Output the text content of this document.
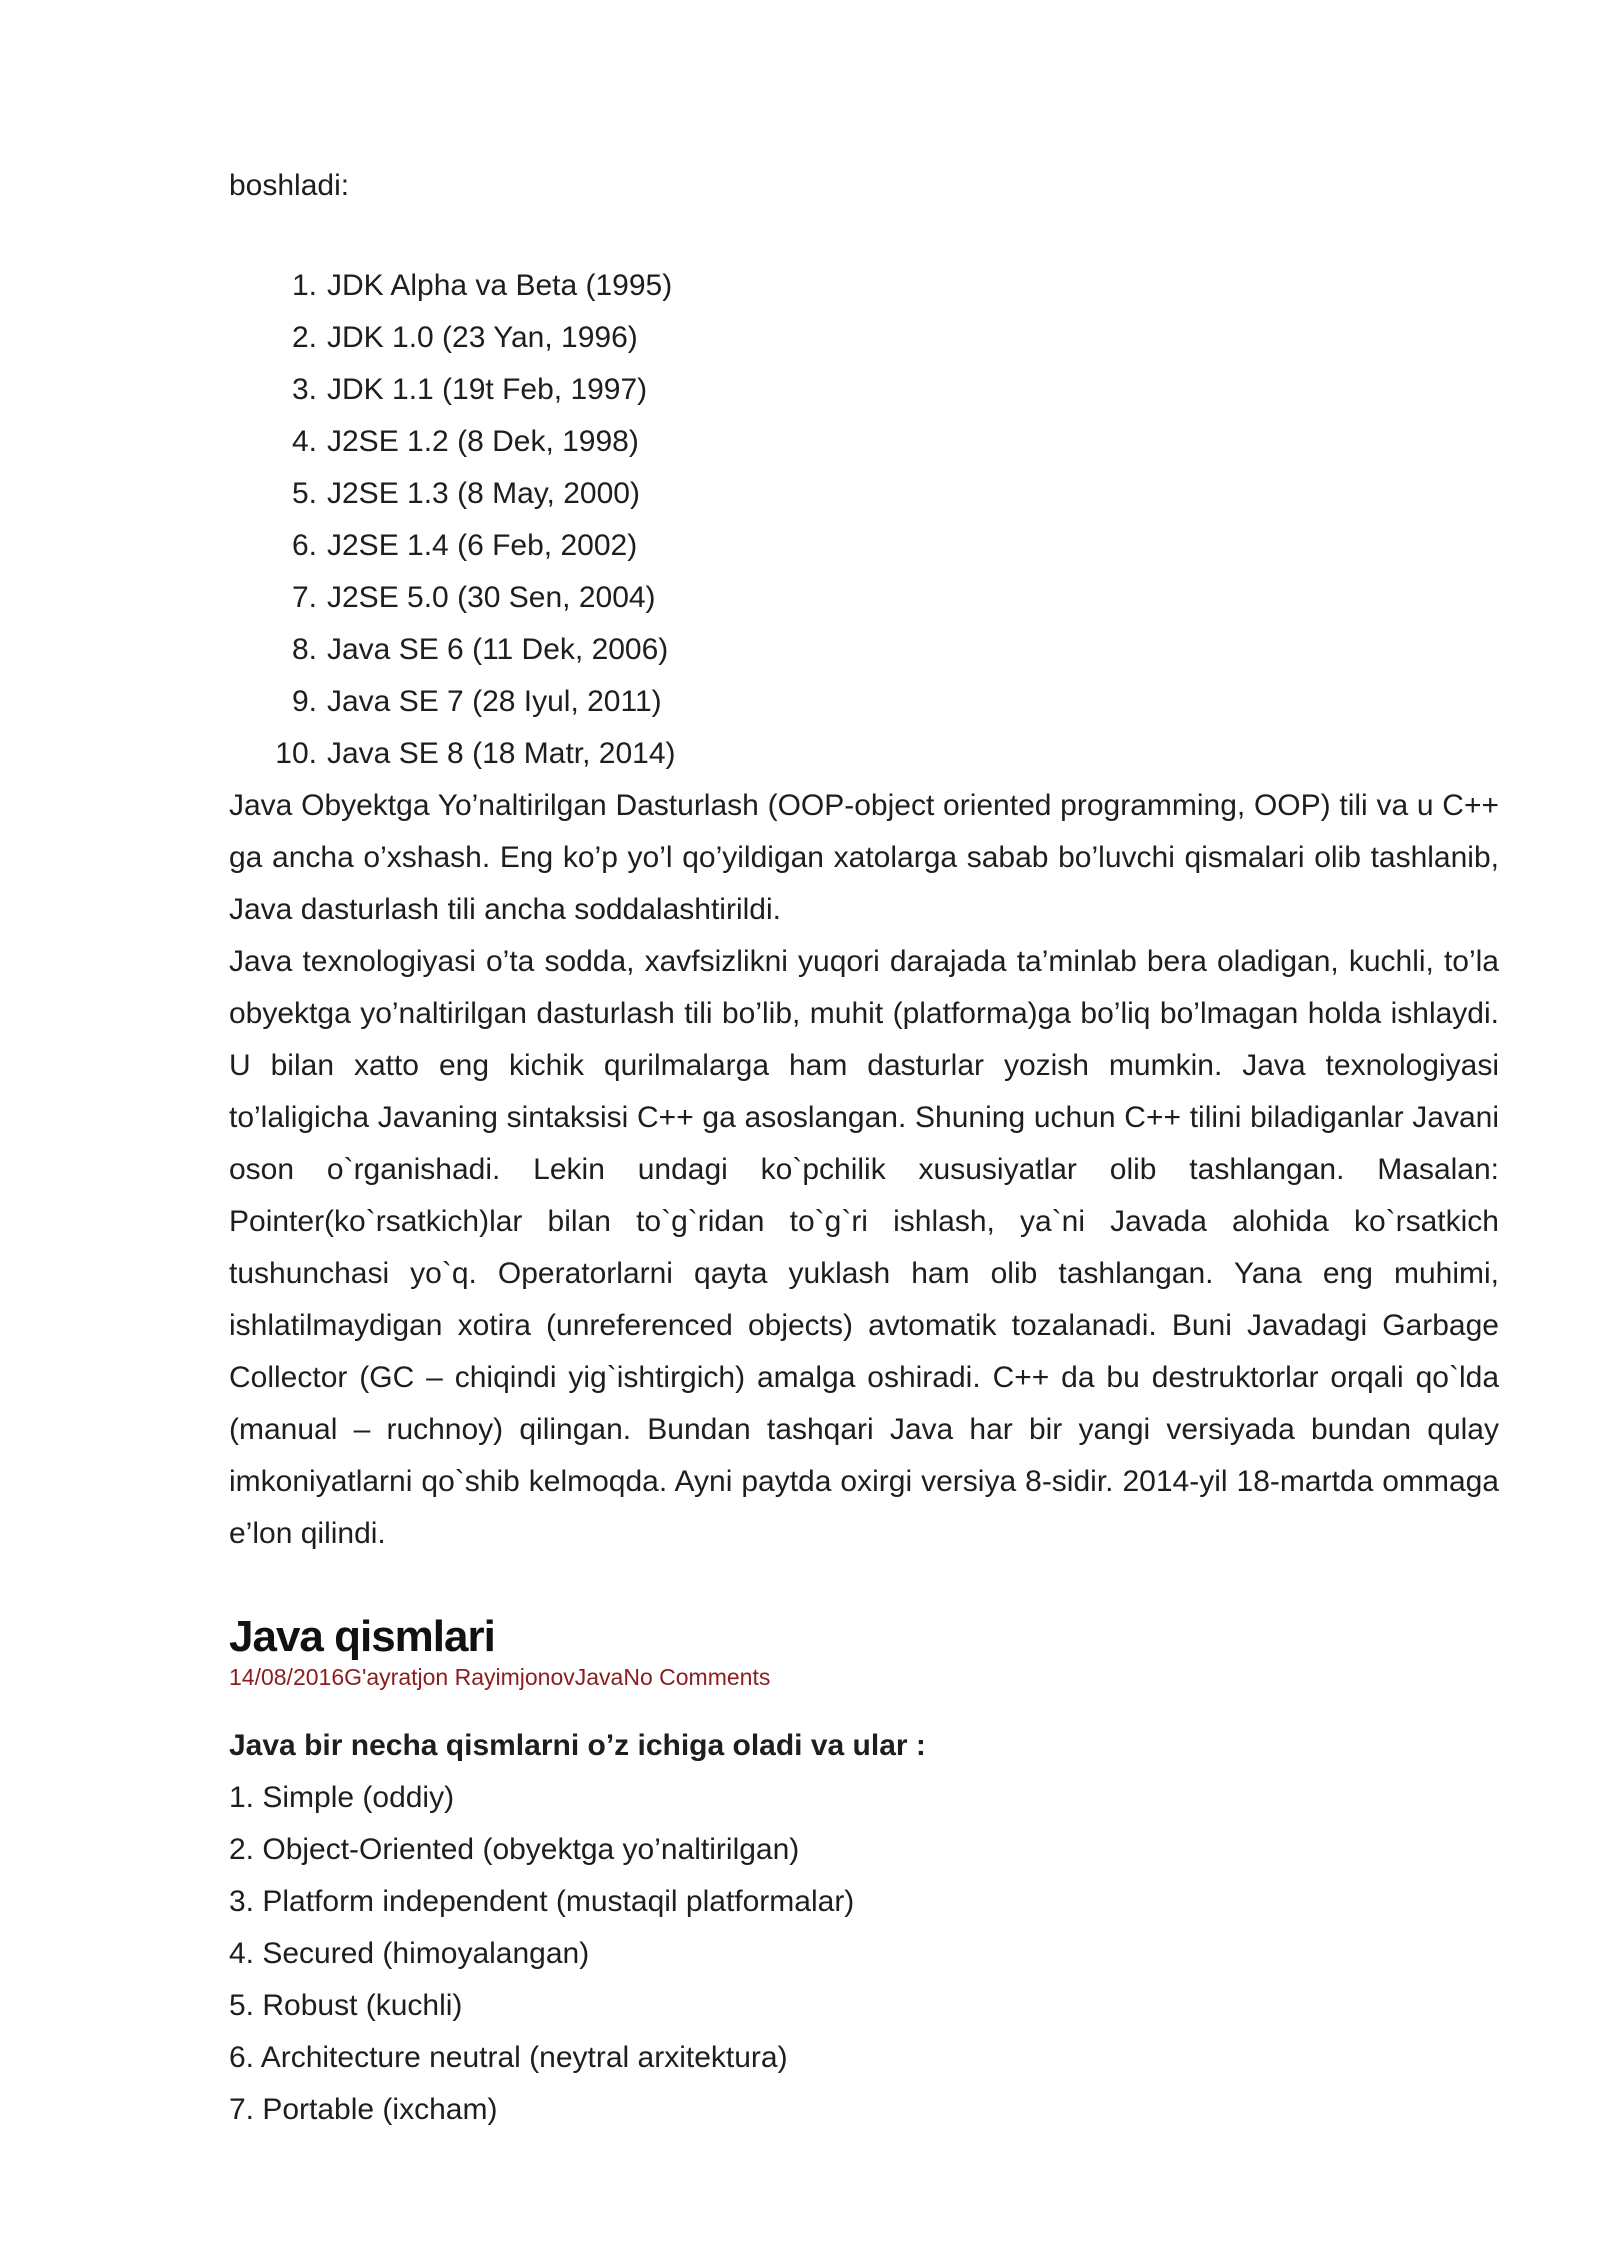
boshladi:

1. JDK Alpha va Beta (1995)
2. JDK 1.0 (23 Yan, 1996)
3. JDK 1.1 (19t Feb, 1997)
4. J2SE 1.2 (8 Dek, 1998)
5. J2SE 1.3 (8 May, 2000)
6. J2SE 1.4 (6 Feb, 2002)
7. J2SE 5.0 (30 Sen, 2004)
8. Java SE 6 (11 Dek, 2006)
9. Java SE 7 (28 Iyul, 2011)
10. Java SE 8 (18 Matr, 2014)

Java Obyektga Yo’naltirilgan Dasturlash (OOP-object oriented programming, OOP) tili va u C++ ga ancha o’xshash. Eng ko’p yo’l qo’yildigan xatolarga sabab bo’luvchi qismalari olib tashlanib, Java dasturlash tili ancha soddalashtirildi.

Java texnologiyasi o’ta sodda, xavfsizlikni yuqori darajada ta’minlab bera oladigan, kuchli, to’la obyektga yo’naltirilgan dasturlash tili bo’lib, muhit (platforma)ga bo’liq bo’lmagan holda ishlaydi. U bilan xatto eng kichik qurilmalarga ham dasturlar yozish mumkin. Java texnologiyasi to’laligicha Javaning sintaksisi C++ ga asoslangan. Shuning uchun C++ tilini biladiganlar Javani oson o`rganishadi. Lekin undagi ko`pchilik xususiyatlar olib tashlangan. Masalan: Pointer(ko`rsatkich)lar bilan to`g`ridan to`g`ri ishlash, ya`ni Javada alohida ko`rsatkich tushunchasi yo`q. Operatorlarni qayta yuklash ham olib tashlangan. Yana eng muhimi, ishlatilmaydigan xotira (unreferenced objects) avtomatik tozalanadi. Buni Javadagi Garbage Collector (GC – chiqindi yig`ishtirgich) amalga oshiradi. C++ da bu destruktorlar orqali qo`lda (manual – ruchnoy) qilingan. Bundan tashqari Java har bir yangi versiyada bundan qulay imkoniyatlarni qo`shib kelmoqda. Ayni paytda oxirgi versiya 8-sidir. 2014-yil 18-martda ommaga e’lon qilindi.

Java qismlari
14/08/2016G'ayratjon RayimjonovJavaNo Comments

Java bir necha qismlarni o’z ichiga oladi va ular :

1. Simple (oddiy)
2. Object-Oriented (obyektga yo’naltirilgan)
3. Platform independent (mustaqil platformalar)
4. Secured (himoyalangan)
5. Robust (kuchli)
6. Architecture neutral (neytral arxitektura)
7. Portable (ixcham)
